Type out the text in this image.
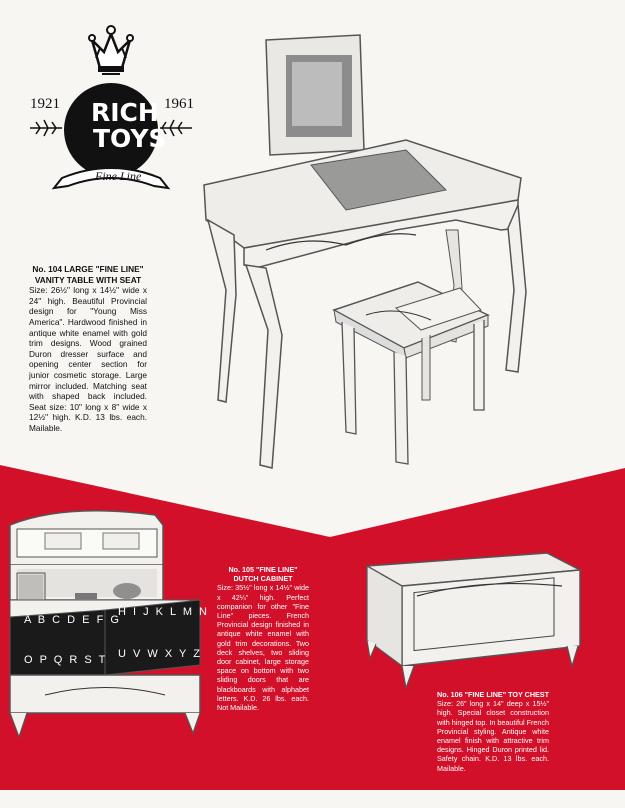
1921	1961
RICH
TOYS
Fine Line
No. 104 LARGE "FINE LINE" VANITY TABLE WITH SEAT
Size: 26½" long x 14½" wide x 24" high. Beautiful Provincial design for "Young Miss America". Hardwood finished in antique white enamel with gold trim designs. Wood grained Duron dresser surface and opening center section for junior cosmetic storage. Large mirror included. Matching seat with shaped back included. Seat size: 10" long x 8" wide x 12½" high. K.D. 13 lbs. each. Mailable.
A B C D E F G
H I J K L M N
O P Q R S T U V W X Y Z
No. 105 "FINE LINE" DUTCH CABINET
Size: 35½" long x 14½" wide x 42¼" high. Perfect companion for other "Fine Line" pieces. French Provincial design finished in antique white enamel with gold trim decorations. Two deck shelves, two sliding door cabinet, large storage space on bottom with two sliding doors that are blackboards with alphabet letters. K.D. 26 lbs. each. Not Mailable.
No. 106 "FINE LINE" TOY CHEST
Size: 26" long x 14" deep x 15½" high. Special closet construction with hinged top. In beautiful French Provincial styling. Antique white enamel finish with attractive trim designs. Hinged Duron printed lid. Safety chain. K.D. 13 lbs. each. Mailable.
